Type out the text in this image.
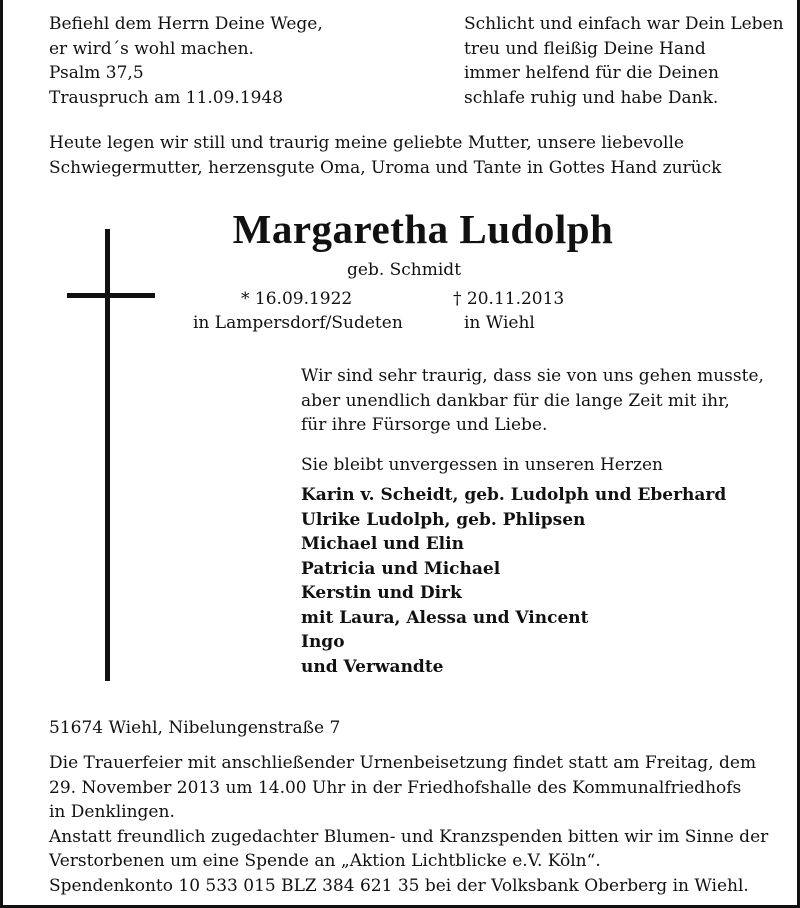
Befiehl dem Herrn Deine Wege,
er wird´s wohl machen.
Psalm 37,5
Trauspruch am 11.09.1948
Schlicht und einfach war Dein Leben
treu und fleißig Deine Hand
immer helfend für die Deinen
schlafe ruhig und habe Dank.
Heute legen wir still und traurig meine geliebte Mutter, unsere liebevolle
Schwiegermutter, herzensgute Oma, Uroma und Tante in Gottes Hand zurück
Margaretha Ludolph
geb. Schmidt
* 16.09.1922	† 20.11.2013
in Lampersdorf/Sudeten	in Wiehl
Wir sind sehr traurig, dass sie von uns gehen musste,
aber unendlich dankbar für die lange Zeit mit ihr,
für ihre Fürsorge und Liebe.
Sie bleibt unvergessen in unseren Herzen
Karin v. Scheidt, geb. Ludolph und Eberhard
Ulrike Ludolph, geb. Phlipsen
Michael und Elin
Patricia und Michael
Kerstin und Dirk
mit Laura, Alessa und Vincent
Ingo
und Verwandte
51674 Wiehl, Nibelungenstraße 7
Die Trauerfeier mit anschließender Urnenbeisetzung findet statt am Freitag, dem
29. November 2013 um 14.00 Uhr in der Friedhofshalle des Kommunalfriedhofs
in Denklingen.
Anstatt freundlich zugedachter Blumen- und Kranzspenden bitten wir im Sinne der
Verstorbenen um eine Spende an „Aktion Lichtblicke e.V. Köln“.
Spendenkonto 10 533 015 BLZ 384 621 35 bei der Volksbank Oberberg in Wiehl.
